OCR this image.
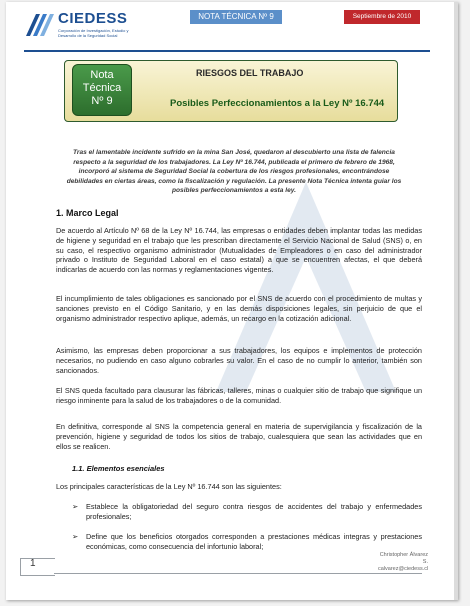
CIEDESS
Corporación de Investigación, Estudio y Desarrollo de la Seguridad Social
NOTA TÉCNICA Nº 9	Septiembre de 2010
Nota
Técnica
Nº 9
RIESGOS DEL TRABAJO
Posibles Perfeccionamientos a la Ley Nº 16.744
Tras el lamentable incidente sufrido en la mina San José, quedaron al descubierto una lista de falencia respecto a la seguridad de los trabajadores. La Ley Nº 16.744, publicada el primero de febrero de 1968, incorporó al sistema de Seguridad Social la cobertura de los riesgos profesionales, encontrándose debilidades en ciertas áreas, como la fiscalización y regulación. La presente Nota Técnica intenta guiar los posibles perfeccionamientos a esta ley.
1. Marco Legal
De acuerdo al Artículo Nº 68 de la Ley Nº 16.744, las empresas o entidades deben implantar todas las medidas de higiene y seguridad en el trabajo que les prescriban directamente el Servicio Nacional de Salud (SNS) o, en su caso, el respectivo organismo administrador (Mutualidades de Empleadores o en caso del administrador privado o Instituto de Seguridad Laboral en el caso estatal) a que se encuentren afectas, el que deberá indicarlas de acuerdo con las normas y reglamentaciones vigentes.
El incumplimiento de tales obligaciones es sancionado por el SNS de acuerdo con el procedimiento de multas y sanciones previsto en el Código Sanitario, y en las demás disposiciones legales, sin perjuicio de que el organismo administrador respectivo aplique, además, un recargo en la cotización adicional.
Asimismo, las empresas deben proporcionar a sus trabajadores, los equipos e implementos de protección necesarios, no pudiendo en caso alguno cobrarles su valor. En el caso de no cumplir lo anterior, también son sancionados.
El SNS queda facultado para clausurar las fábricas, talleres, minas o cualquier sitio de trabajo que signifique un riesgo inminente para la salud de los trabajadores o de la comunidad.
En definitiva, corresponde al SNS la competencia general en materia de supervigilancia y fiscalización de la prevención, higiene y seguridad de todos los sitios de trabajo, cualesquiera que sean las actividades que en ellos se realicen.
1.1. Elementos esenciales
Los principales características de la Ley Nº 16.744 son las siguientes:
➢ Establece la obligatoriedad del seguro contra riesgos de accidentes del trabajo y enfermedades profesionales;
➢ Define que los beneficios otorgados corresponden a prestaciones médicas integras y prestaciones económicas, como consecuencia del infortunio laboral;
1
Christopher Álvarez S.
calvarez@ciedess.cl
